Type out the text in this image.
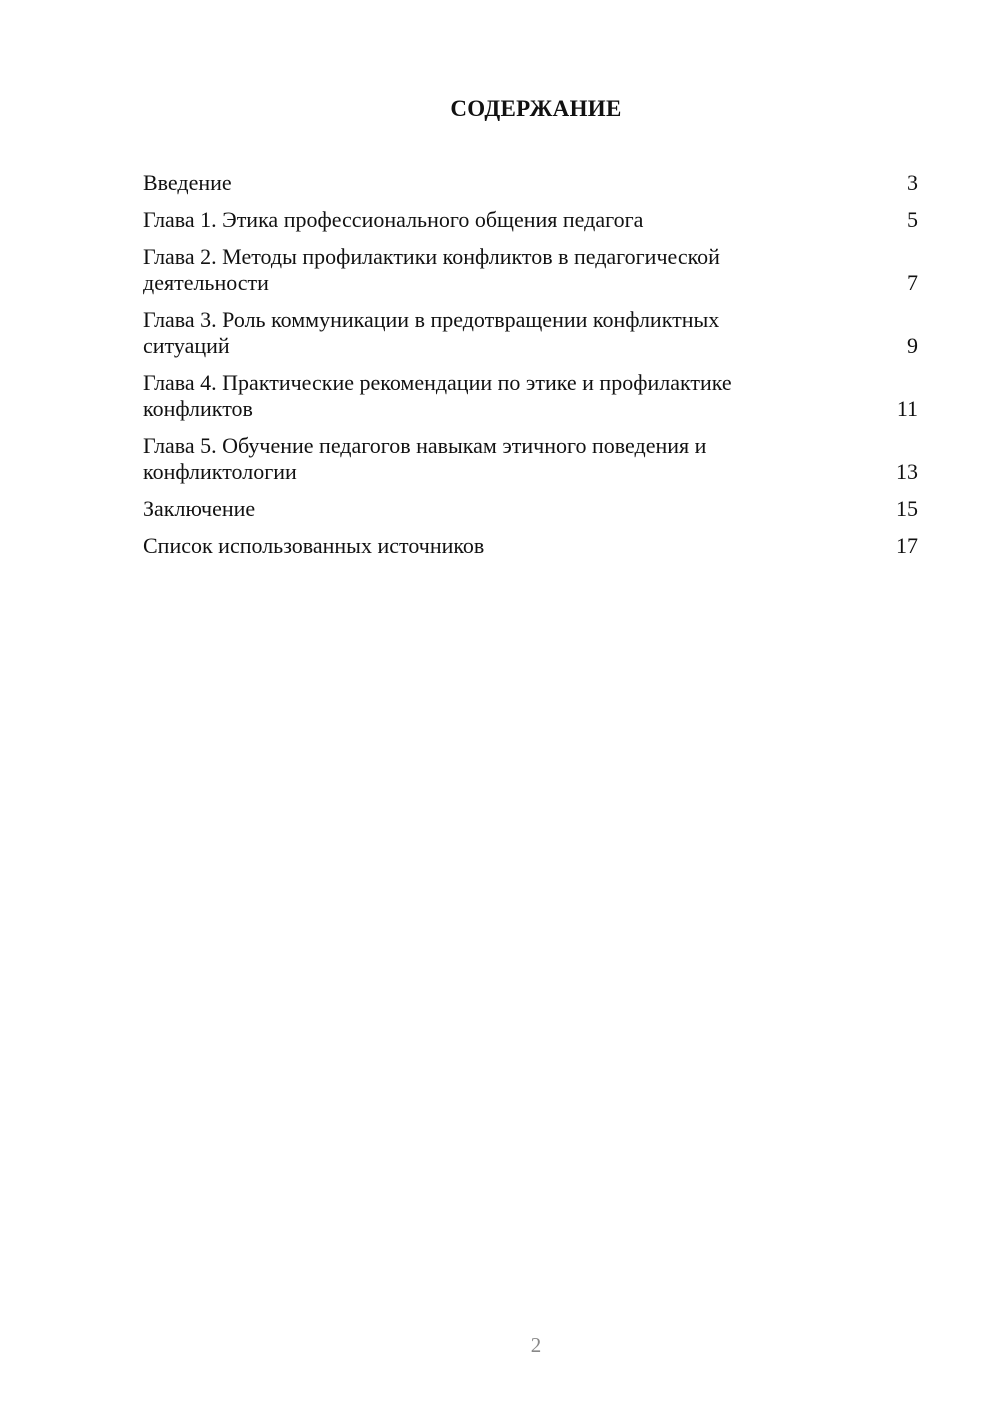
СОДЕРЖАНИЕ
Введение	3
Глава 1. Этика профессионального общения педагога	5
Глава 2. Методы профилактики конфликтов в педагогической
деятельности	7
Глава 3. Роль коммуникации в предотвращении конфликтных
ситуаций	9
Глава 4. Практические рекомендации по этике и профилактике
конфликтов	11
Глава 5. Обучение педагогов навыкам этичного поведения и
конфликтологии	13
Заключение	15
Список использованных источников	17
2
